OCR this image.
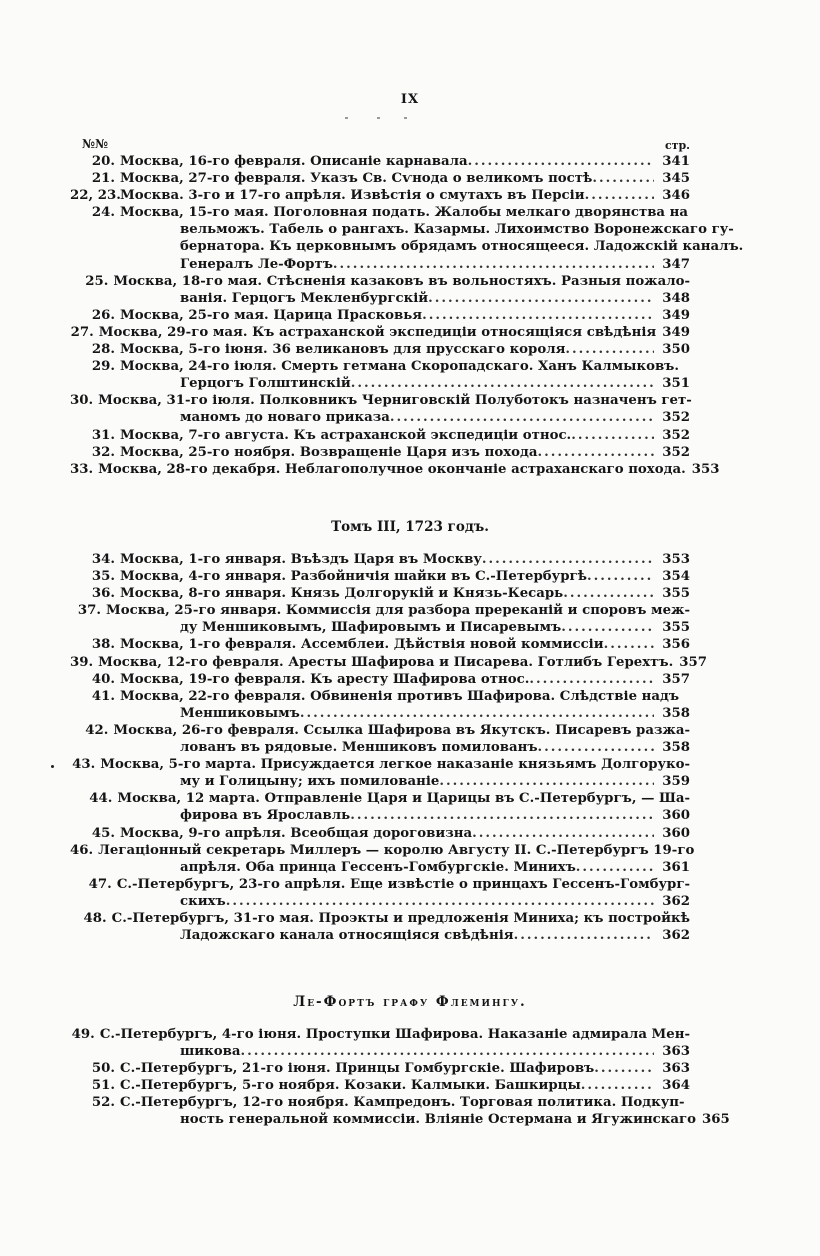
IX
№№	стр.
20. Москва, 16-го февраля. Описаніе карнавала .....	341
21. Москва, 27-го февраля. Указъ Св. Сѵнода о великомъ постѣ .....	345
22, 23. Москва. 3-го и 17-го апрѣля. Извѣстія о смутахъ въ Персіи .....	346
24. Москва, 15-го мая. Поголовная подать. Жалобы мелкаго дворянства на
вельможъ. Табель о рангахъ. Казармы. Лихоимство Воронежскаго гу-
бернатора. Къ церковнымъ обрядамъ относящееся. Ладожскій каналъ.
Генералъ Ле-Фортъ .....	347
25. Москва, 18-го мая. Стѣсненія казаковъ въ вольностяхъ. Разныя пожало-
ванія. Герцогъ Мекленбургскій .....	348
26. Москва, 25-го мая. Царица Прасковья .....	349
27. Москва, 29-го мая. Къ астраханской экспедиціи относящіяся свѣдѣнія 349
28. Москва, 5-го іюня. 36 великановъ для прусскаго короля .....	350
29. Москва, 24-го іюля. Смерть гетмана Скоропадскаго. Ханъ Калмыковъ.
Герцогъ Голштинскій .....	351
30. Москва, 31-го іюля. Полковникъ Черниговскій Полуботокъ назначенъ гет-
маномъ до новаго приказа .....	352
31. Москва, 7-го августа. Къ астраханской экспедиціи относ. .....	352
32. Москва, 25-го ноября. Возвращеніе Царя изъ похода .....	352
33. Москва, 28-го декабря. Неблагополучное окончаніе астраханскаго похода. 353
Томъ III, 1723 годъ.
34. Москва, 1-го января. Въѣздъ Царя въ Москву .....	353
35. Москва, 4-го января. Разбойничія шайки въ С.-Петербургѣ .....	354
36. Москва, 8-го января. Князь Долгорукій и Князь-Кесарь .....	355
37. Москва, 25-го января. Коммиссія для разбора пререканій и споровъ меж-
ду Меншиковымъ, Шафировымъ и Писаревымъ .....	355
38. Москва, 1-го февраля. Ассемблеи. Дѣйствія новой коммиссіи .....	356
39. Москва, 12-го февраля. Аресты Шафирова и Писарева. Готлибъ Герехтъ. 357
40. Москва, 19-го февраля. Къ аресту Шафирова относ. .....	357
41. Москва, 22-го февраля. Обвиненія противъ Шафирова. Слѣдствіе надъ
Меншиковымъ .....	358
42. Москва, 26-го февраля. Ссылка Шафирова въ Якутскъ. Писаревъ разжа-
лованъ въ рядовые. Меншиковъ помилованъ .....	358
43. Москва, 5-го марта. Присуждается легкое наказаніе князьямъ Долгоруко-
му и Голицыну; ихъ помилованіе .....	359
44. Москва, 12 марта. Отправленіе Царя и Царицы въ С.-Петербургъ, — Ша-
фирова въ Ярославль .....	360
45. Москва, 9-го апрѣля. Всеобщая дороговизна .....	360
46. Легаціонный секретарь Миллеръ — королю Августу II. С.-Петербургъ 19-го
апрѣля. Оба принца Гессенъ-Гомбургскіе. Минихъ .....	361
47. С.-Петербургъ, 23-го апрѣля. Еще извѣстіе о принцахъ Гессенъ-Гомбург-
скихъ .....	362
48. С.-Петербургъ, 31-го мая. Проэкты и предложенія Миниха; къ постройкѣ
Ладожскаго канала относящіяся свѣдѣнія .....	362
Ле-Фортъ графу Флемингу.
49. С.-Петербургъ, 4-го іюня. Проступки Шафирова. Наказаніе адмирала Мен-
шикова .....	363
50. С.-Петербургъ, 21-го іюня. Принцы Гомбургскіе. Шафировъ .....	363
51. С.-Петербургъ, 5-го ноября. Козаки. Калмыки. Башкирцы .....	364
52. С.-Петербургъ, 12-го ноября. Кампредонъ. Торговая политика. Подкуп-
ность генеральной коммиссіи. Вліяніе Остермана и Ягужинскаго 365
